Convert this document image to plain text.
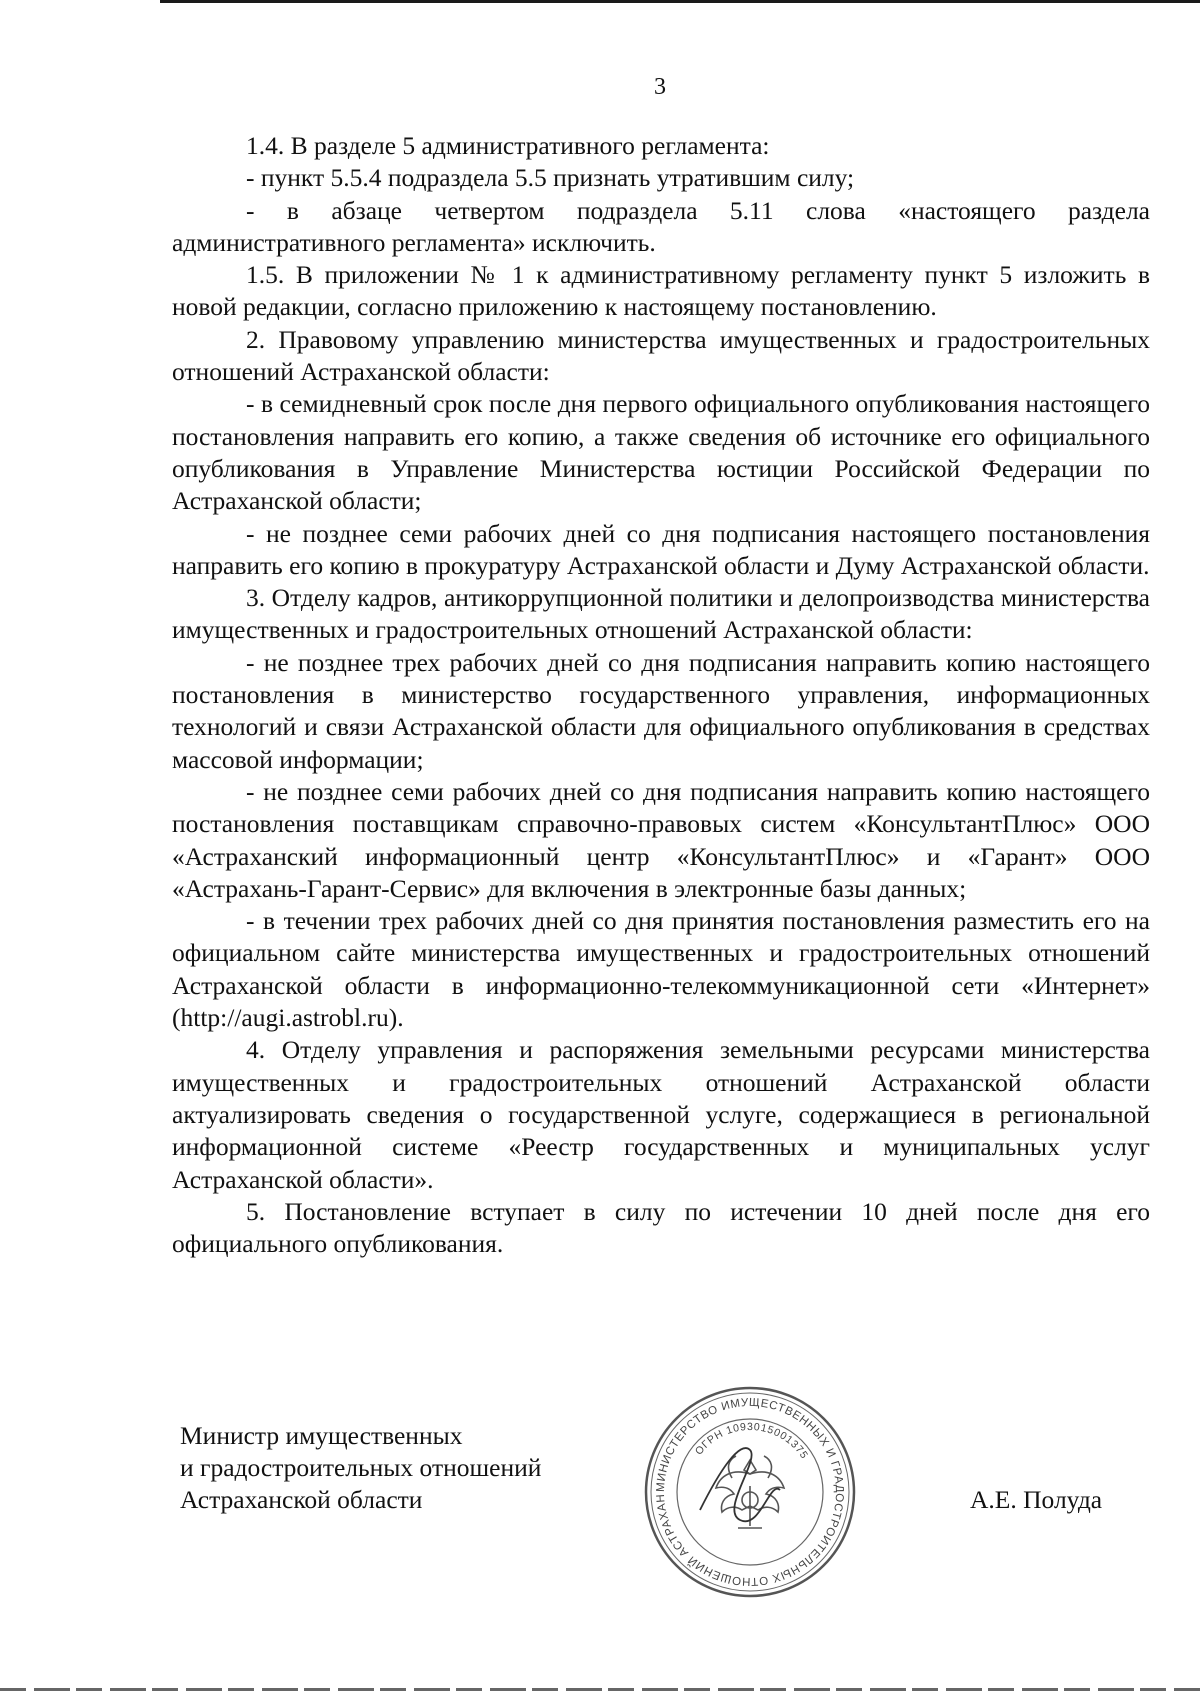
3

1.4. В разделе 5 административного регламента:

- пункт 5.5.4 подраздела 5.5 признать утратившим силу;

- в абзаце четвертом подраздела 5.11 слова «настоящего раздела административного регламента» исключить.

1.5. В приложении № 1 к административному регламенту пункт 5 изложить в новой редакции, согласно приложению к настоящему постановлению.

2. Правовому управлению министерства имущественных и градостроительных отношений Астраханской области:

- в семидневный срок после дня первого официального опубликования настоящего постановления направить его копию, а также сведения об источнике его официального опубликования в Управление Министерства юстиции Российской Федерации по Астраханской области;

- не позднее семи рабочих дней со дня подписания настоящего постановления направить его копию в прокуратуру Астраханской области и Думу Астраханской области.

3. Отделу кадров, антикоррупционной политики и делопроизводства министерства имущественных и градостроительных отношений Астраханской области:

- не позднее трех рабочих дней со дня подписания направить копию настоящего постановления в министерство государственного управления, информационных технологий и связи Астраханской области для официального опубликования в средствах массовой информации;

- не позднее семи рабочих дней со дня подписания направить копию настоящего постановления поставщикам справочно-правовых систем «КонсультантПлюс» ООО «Астраханский информационный центр «КонсультантПлюс» и «Гарант» ООО «Астрахань-Гарант-Сервис» для включения в электронные базы данных;

- в течении трех рабочих дней со дня принятия постановления разместить его на официальном сайте министерства имущественных и градостроительных отношений Астраханской области в информационно-телекоммуникационной сети «Интернет» (http://augi.astrobl.ru).

4. Отделу управления и распоряжения земельными ресурсами министерства имущественных и градостроительных отношений Астраханской области актуализировать сведения о государственной услуге, содержащиеся в региональной информационной системе «Реестр государственных и муниципальных услуг Астраханской области».

5. Постановление вступает в силу по истечении 10 дней после дня его официального опубликования.

Министр имущественных
и градостроительных отношений
Астраханской области	А.Е. Полуда
МИНИСТЕРСТВО ИМУЩЕСТВЕННЫХ И ГРАДОСТРОИТЕЛЬНЫХ ОТНОШЕНИЙ АСТРАХАН
ОГРН 1093015001375
